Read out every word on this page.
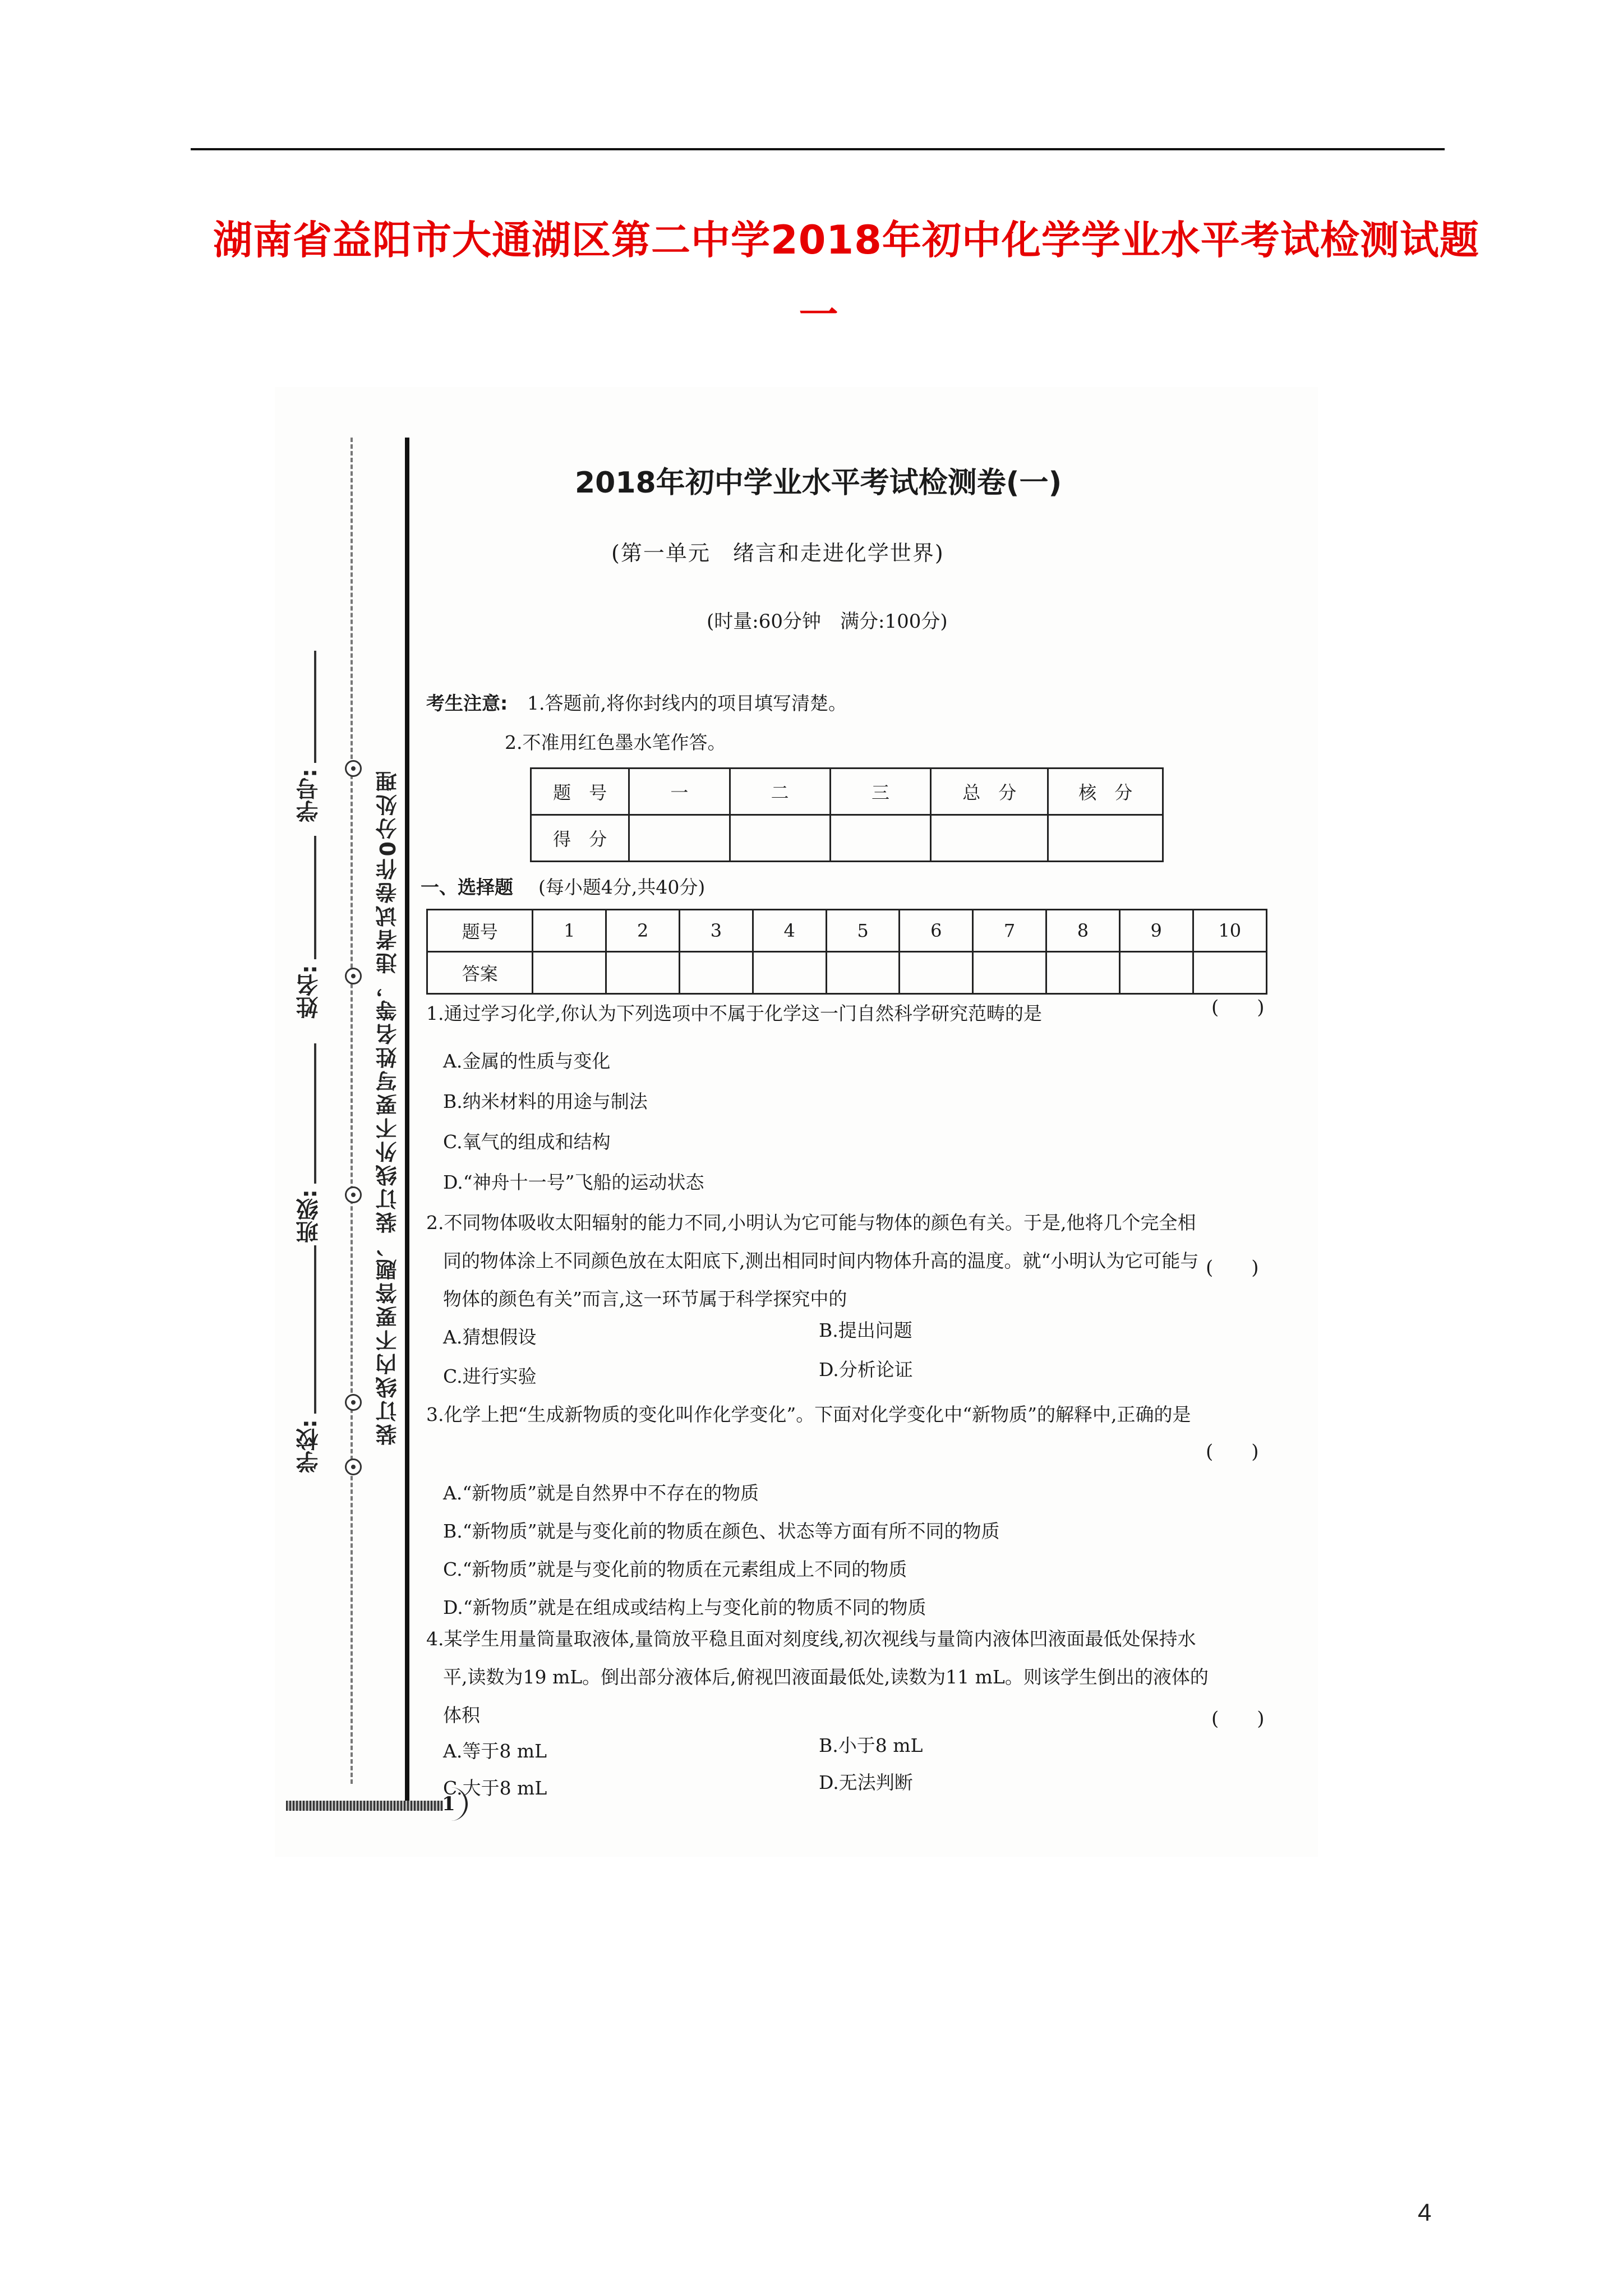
湖南省益阳市大通湖区第二中学2018年初中化学学业水平考试检测试题
一
学校:
班级:
姓名:
学号:	装订线内不要答题、装订线外不要写姓名等，违者试卷作0分处理
2018年初中学业水平考试检测卷(一)
(第一单元　绪言和走进化学世界)
(时量:60分钟　满分:100分)
考生注意: 1.答题前,将你封线内的项目填写清楚。
2.不准用红色墨水笔作答。
题　号	一	二	三	总　分	核　分
得　分					
一、选择题 (每小题4分,共40分)
题号	1	2	3	4	5	6	7	8	9	10
答案										
(　　)
1.通过学习化学,你认为下列选项中不属于化学这一门自然科学研究范畴的是
A.金属的性质与变化
B.纳米材料的用途与制法
C.氧气的组成和结构
D.“神舟十一号”飞船的运动状态
2.不同物体吸收太阳辐射的能力不同,小明认为它可能与物体的颜色有关。于是,他将几个完全相
同的物体涂上不同颜色放在太阳底下,测出相同时间内物体升高的温度。就“小明认为它可能与
物体的颜色有关”而言,这一环节属于科学探究中的
(　　)
A.猜想假设	B.提出问题
C.进行实验	D.分析论证
3.化学上把“生成新物质的变化叫作化学变化”。下面对化学变化中“新物质”的解释中,正确的是
(　　)
A.“新物质”就是自然界中不存在的物质
B.“新物质”就是与变化前的物质在颜色、状态等方面有所不同的物质
C.“新物质”就是与变化前的物质在元素组成上不同的物质
D.“新物质”就是在组成或结构上与变化前的物质不同的物质
4.某学生用量筒量取液体,量筒放平稳且面对刻度线,初次视线与量筒内液体凹液面最低处保持水
平,读数为19 mL。倒出部分液体后,俯视凹液面最低处,读数为11 mL。则该学生倒出的液体的
体积	(　　)
A.等于8 mL	B.小于8 mL
C.大于8 mL	D.无法判断
1
4
